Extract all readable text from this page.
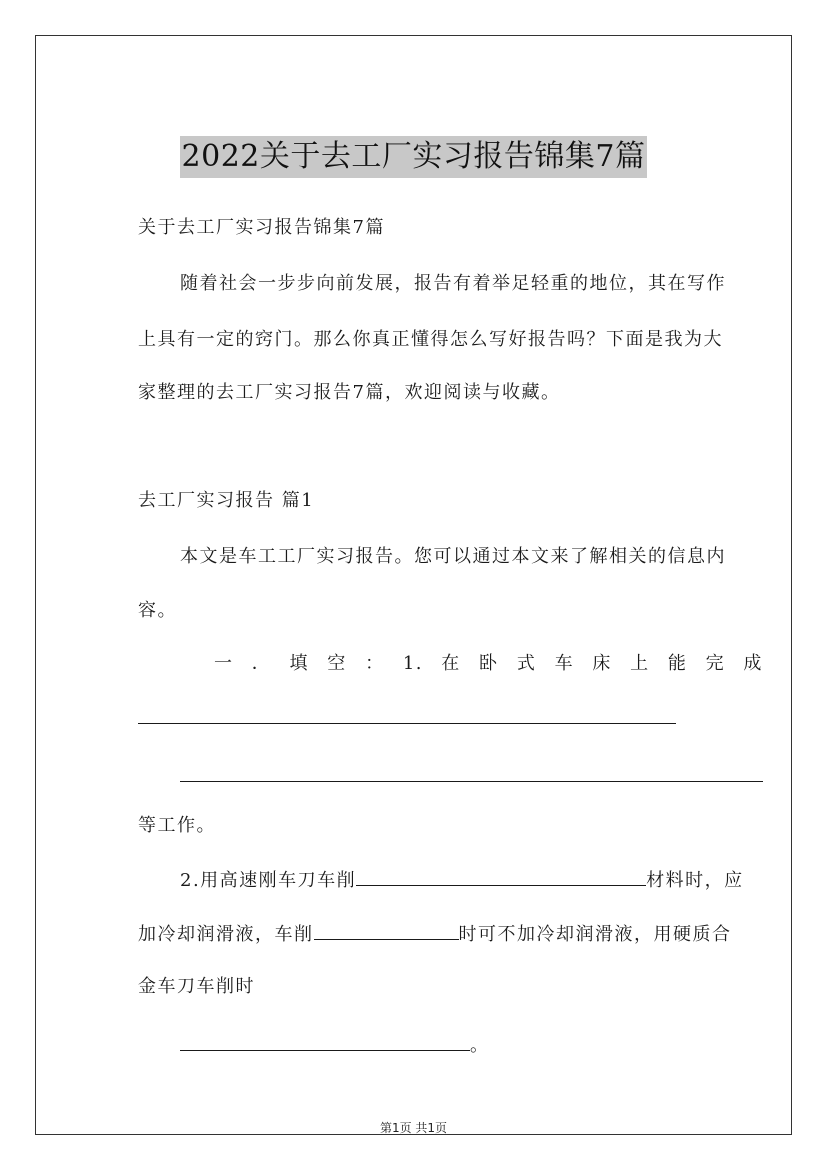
2022关于去工厂实习报告锦集7篇
关于去工厂实习报告锦集7篇
随着社会一步步向前发展，报告有着举足轻重的地位，其在写作
上具有一定的窍门。那么你真正懂得怎么写好报告吗？下面是我为大
家整理的去工厂实习报告7篇，欢迎阅读与收藏。
去工厂实习报告 篇1
本文是车工工厂实习报告。您可以通过本文来了解相关的信息内
容。
一 ． 填 空 ： 1. 在 卧 式 车 床 上 能 完 成
等工作。
2.用高速刚车刀车削	材料时，应
加冷却润滑液，车削	时可不加冷却润滑液，用硬质合
金车刀车削时
。
第1页 共1页
